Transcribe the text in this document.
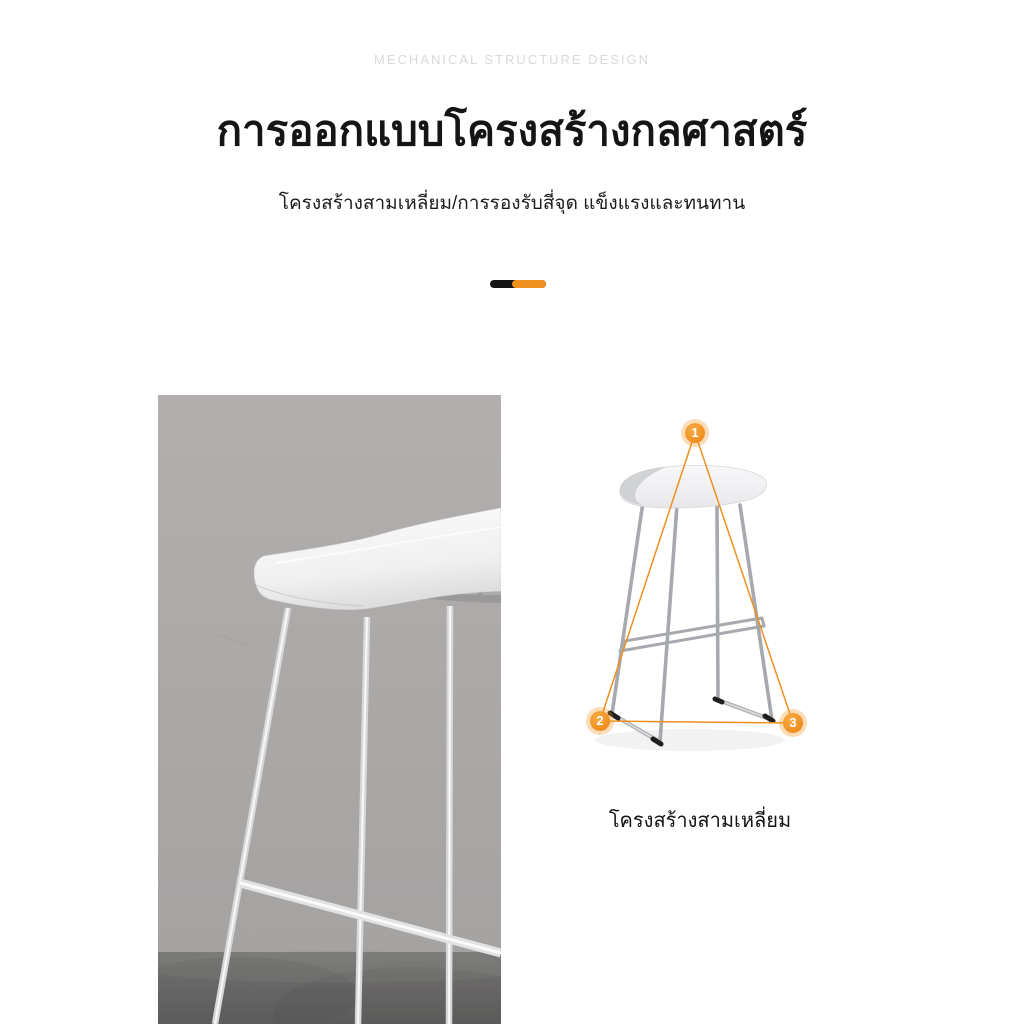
MECHANICAL STRUCTURE DESIGN
การออกแบบโครงสร้างกลศาสตร์
โครงสร้างสามเหลี่ยม/การรองรับสี่จุด แข็งแรงและทนทาน
1
2	3
โครงสร้างสามเหลี่ยม
